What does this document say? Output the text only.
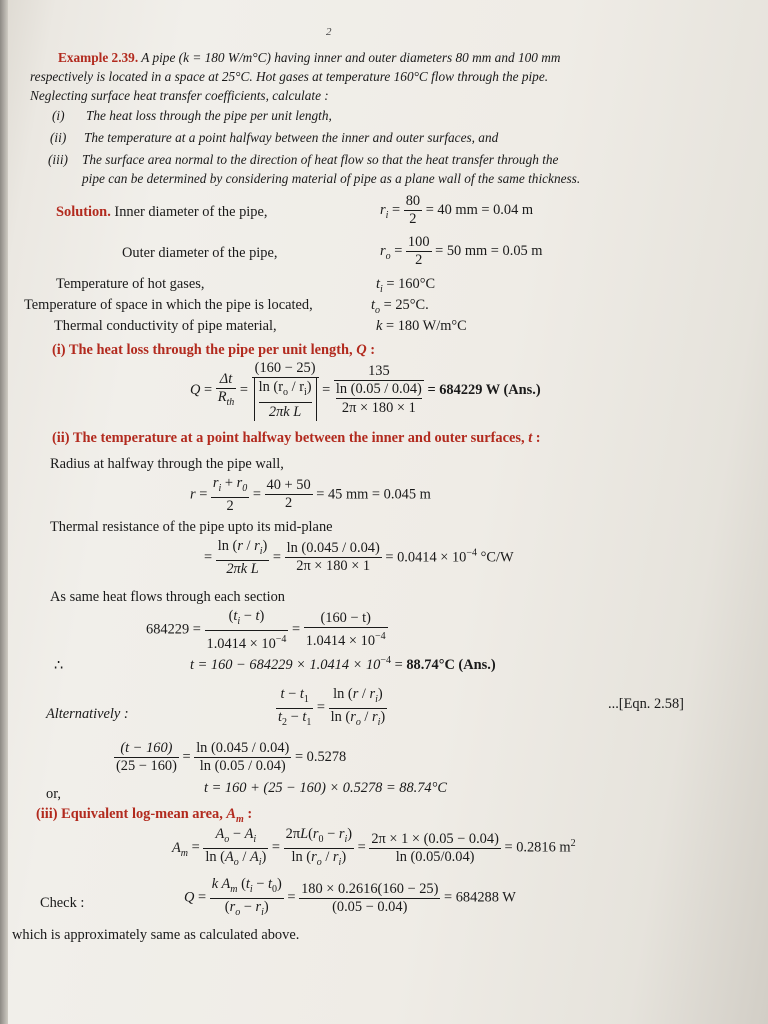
2
Example 2.39. A pipe (k = 180 W/m°C) having inner and outer diameters 80 mm and 100 mm
respectively is located in a space at 25°C. Hot gases at temperature 160°C flow through the pipe.
Neglecting surface heat transfer coefficients, calculate :
(i) The heat loss through the pipe per unit length,
(ii) The temperature at a point halfway between the inner and outer surfaces, and
(iii) The surface area normal to the direction of heat flow so that the heat transfer through the
pipe can be determined by considering material of pipe as a plane wall of the same thickness.
Solution. Inner diameter of the pipe,	$r_i = \frac{80}{2} = 40$ mm = 0.04 m
Outer diameter of the pipe,	$r_o = \frac{100}{2} = 50$ mm = 0.05 m
Temperature of hot gases,	$t_i = 160^\circ C$
Temperature of space in which the pipe is located,	$t_o = 25^\circ C$.
Thermal conductivity of pipe material,	k = 180 W/m°C
(i) The heat loss through the pipe per unit length, Q :
$Q = \frac{\Delta t}{R_{th}} = \frac{(160 - 25)}{\frac{\ln (r_o / r_i)}{\text{2πk L}}} = 135$
ln (0.05 / 0.04)
2π × 180 × 1 = 684229 W (Ans.)
(ii) The temperature at a point halfway between the inner and outer surfaces, t :
Radius at halfway through the pipe wall,
$r = \frac{r_i + r_0}{2} = \frac{40 + 50}{2} = 45$ mm = 0.045 m
Thermal resistance of the pipe upto its mid-plane
= $\frac{\ln (r / r_i)}{\text{2πk L}} = \frac{\ln (0.045 / 0.04)}{2\pi \times 180 \times 1} = 0.0414 \times 10^{-4}$ °C/W
As same heat flows through each section
$684229 = \frac{(t_i - t)}{1.0414 \times 10^{-4}} = \frac{(160 - t)}{1.0414 \times 10^{-4}}$
∴	$t = 160 - 684229 \times 1.0414 \times 10^{-4} = 88.74^\circ C$ (Ans.)
Alternatively :	$\frac{t - t_1}{t_2 - t_1} = \frac{\ln (r / r_i)}{\ln (r_o / r_i)}$	...[Eqn. 2.58]
$\frac{(t - 160)}{(25 - 160)} = \frac{\ln (0.045 / 0.04)}{\ln (0.05 / 0.04)} = 0.5278$
or,	t = 160 + (25 − 160) × 0.5278 = 88.74°C
(iii) Equivalent log-mean area, $A_m$ :
$A_m = \frac{A_o - A_i}{\ln (A_o / A_i)} = \frac{2\pi L(r_0 - r_i)}{\ln (r_o / r_i)} = \frac{2\pi \times 1 \times (0.05 - 0.04)}{\ln (0.05/0.04)} = 0.2816$ $m^2$
Check :	$Q = \frac{k A_m (t_i - t_0)}{(r_o - r_i)} = \frac{180 \times 0.2616(160 - 25)}{(0.05 - 0.04)} = 684288$ W
which is approximately same as calculated above.
